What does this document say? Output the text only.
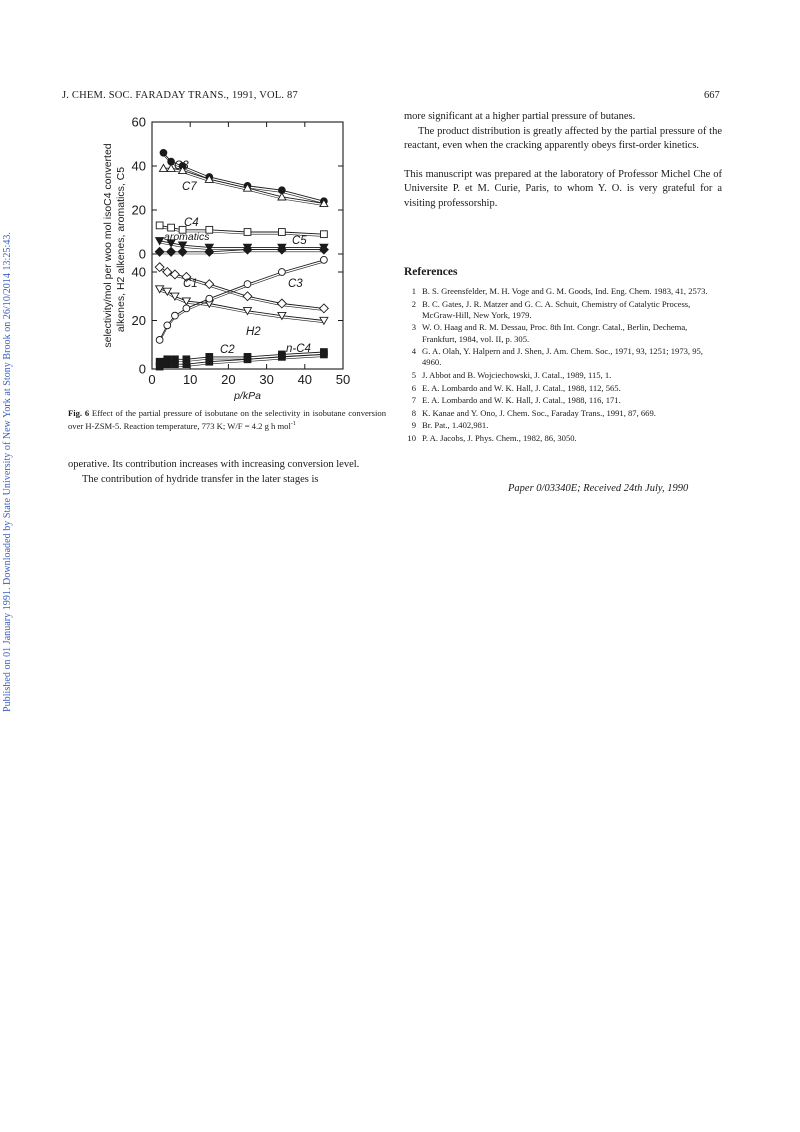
Published on 01 January 1991. Downloaded by State University of New York at Stony Brook on 26/10/2014 13:25:43.
J. CHEM. SOC. FARADAY TRANS., 1991, VOL. 87	667

more significant at a higher partial pressure of butanes.

The product distribution is greatly affected by the partial pressure of the reactant, even when the cracking apparently obeys first-order kinetics.

This manuscript was prepared at the laboratory of Professor Michel Che of Universite P. et M. Curie, Paris, to whom Y. O. is very grateful for a visiting professorship.

References
1 B. S. Greensfelder, M. H. Voge and G. M. Goods, Ind. Eng. Chem. 1983, 41, 2573.
2 B. C. Gates, J. R. Matzer and G. C. A. Schuit, Chemistry of Catalytic Process, McGraw-Hill, New York, 1979.
3 W. O. Haag and R. M. Dessau, Proc. 8th Int. Congr. Catal., Berlin, Dechema, Frankfurt, 1984, vol. II, p. 305.
4 G. A. Olah, Y. Halpern and J. Shen, J. Am. Chem. Soc., 1971, 93, 1251; 1973, 95, 4960.
5 J. Abbot and B. Wojciechowski, J. Catal., 1989, 115, 1.
6 E. A. Lombardo and W. K. Hall, J. Catal., 1988, 112, 565.
7 E. A. Lombardo and W. K. Hall, J. Catal., 1988, 116, 171.
8 K. Kanae and Y. Ono, J. Chem. Soc., Faraday Trans., 1991, 87, 669.
9 Br. Pat., 1.402,981.
10 P. A. Jacobs, J. Phys. Chem., 1982, 86, 3050.
Paper 0/03340E; Received 24th July, 1990
60
40
20
0
40
20
0
C3
C7
C4
aromatics	C5
C1	C3
H2
C2	n-C4
0 10 20 30 40 50
p/kPa
selectivity/mol per woo mol isoC4 converted alkenes, H2 alkenes, aromatics, C5
Fig. 6 Effect of the partial pressure of isobutane on the selectivity in isobutane conversion over H-ZSM-5. Reaction temperature, 773 K; W/F = 4.2 g h mol$^{-1}$

operative. Its contribution increases with increasing conversion level.

The contribution of hydride transfer in the later stages is
